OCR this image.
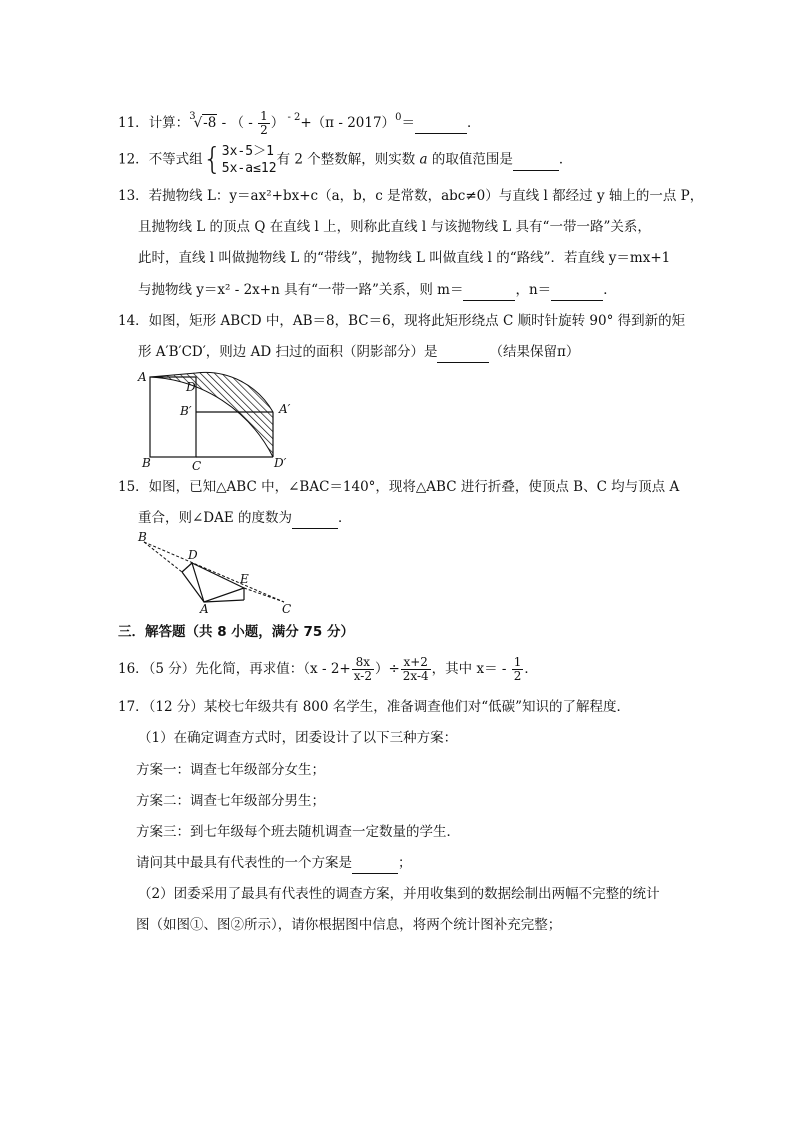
11．计算：$^3$√-8 - （ - $\frac{1}{2}$ ） $^{- 2}$+（π - 2017）$^0$＝	．
12．不等式组{ 3x-5＞1
5x-a≤12
有 2 个整数解，则实数 a 的取值范围是	．
13．若抛物线 L：y＝ax²+bx+c（a，b，c 是常数，abc≠0）与直线 l 都经过 y 轴上的一点 P，
且抛物线 L 的顶点 Q 在直线 l 上，则称此直线 l 与该抛物线 L 具有“一带一路”关系，
此时，直线 l 叫做抛物线 L 的“带线”，抛物线 L 叫做直线 l 的“路线”．若直线 y＝mx+1
与抛物线 y＝x² - 2x+n 具有“一带一路”关系，则 m＝	，n＝	．
14．如图，矩形 ABCD 中，AB＝8，BC＝6，现将此矩形绕点 C 顺时针旋转 90° 得到新的矩
形 A′B′CD′，则边 AD 扫过的面积（阴影部分）是	（结果保留π）
A
D
B′	A′
B	C	D′
15．如图，已知△ABC 中，∠BAC＝140°，现将△ABC 进行折叠，使顶点 B、C 均与顶点 A
重合，则∠DAE 的度数为	．
B
D
E
A	C
三．解答题（共 8 小题，满分 75 分）
16．（5 分）先化简，再求值：（$x - 2+ \frac{8x}{x-2}$ ）÷ $\frac{x+2}{2x-4}$ ，其中 $x= - \frac{1}{2}$ ．
17．（12 分）某校七年级共有 800 名学生，准备调查他们对“低碳”知识的了解程度．
（1）在确定调查方式时，团委设计了以下三种方案：
方案一：调查七年级部分女生；
方案二：调查七年级部分男生；
方案三：到七年级每个班去随机调查一定数量的学生．
请问其中最具有代表性的一个方案是	；
（2）团委采用了最具有代表性的调查方案，并用收集到的数据绘制出两幅不完整的统计
图（如图①、图②所示），请你根据图中信息，将两个统计图补充完整；
